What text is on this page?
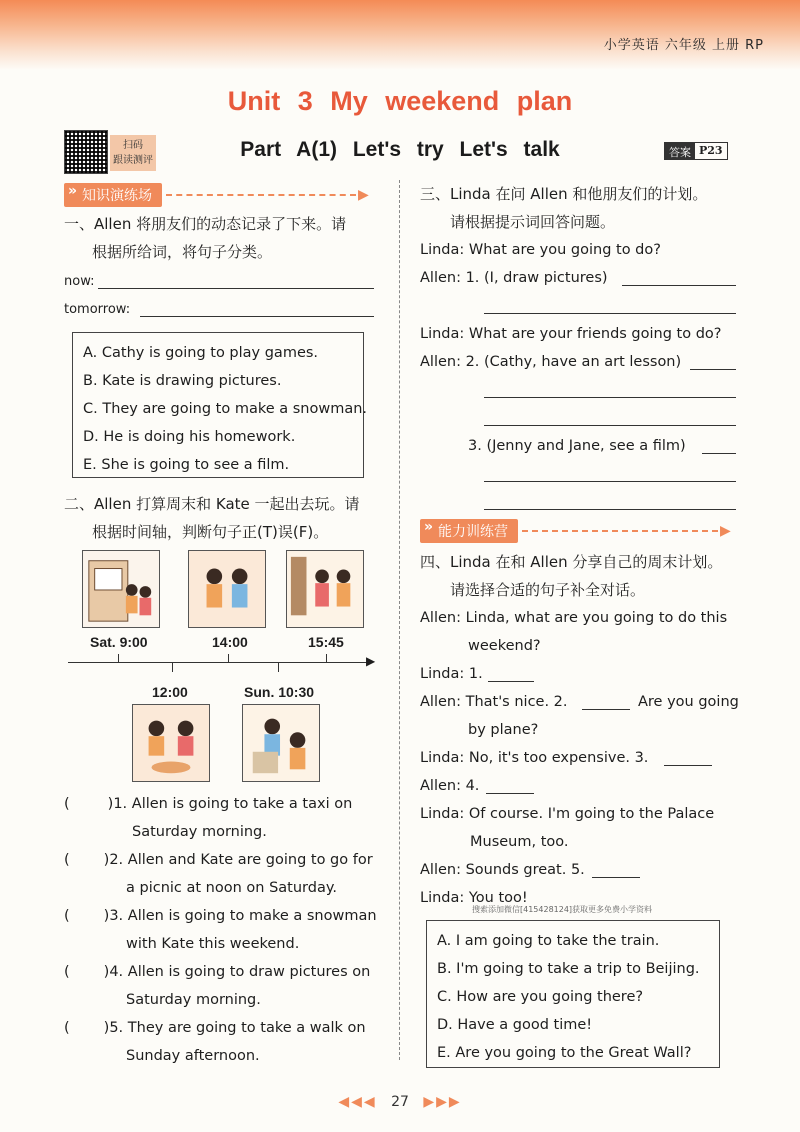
小学英语 六年级 上册 RP
Unit 3 My weekend plan
扫码
跟读测评	Part A(1) Let's try Let's talk	答案 P23
» 知识演练场	▶
一、Allen 将朋友们的动态记录了下来。请
根据所给词，将句子分类。
now:
tomorrow:
A. Cathy is going to play games.
B. Kate is drawing pictures.
C. They are going to make a snowman.
D. He is doing his homework.
E. She is going to see a film.
二、Allen 打算周末和 Kate 一起出去玩。请
根据时间轴，判断句子正(T)误(F)。
Sat. 9:00	14:00	15:45
▶
12:00	Sun. 10:30
(	)1. Allen is going to take a taxi on
Saturday morning.
( )2. Allen and Kate are going to go for
a picnic at noon on Saturday.
( )3. Allen is going to make a snowman
with Kate this weekend.
( )4. Allen is going to draw pictures on
Saturday morning.
( )5. They are going to take a walk on
Sunday afternoon.
三、Linda 在问 Allen 和他朋友们的计划。
请根据提示词回答问题。
Linda: What are you going to do?
Allen: 1. (I, draw pictures)
Linda: What are your friends going to do?
Allen: 2. (Cathy, have an art lesson)
3. (Jenny and Jane, see a film)
» 能力训练营	▶
四、Linda 在和 Allen 分享自己的周末计划。
请选择合适的句子补全对话。
Allen: Linda, what are you going to do this
weekend?
Linda: 1.
Allen: That's nice. 2.	Are you going
by plane?
Linda: No, it's too expensive. 3.
Allen: 4.
Linda: Of course. I'm going to the Palace
Museum, too.
Allen: Sounds great. 5.
Linda: You too!
搜索添加微信[415428124]获取更多免费小学资料
A. I am going to take the train.
B. I'm going to take a trip to Beijing.
C. How are you going there?
D. Have a good time!
E. Are you going to the Great Wall?
◀◀◀ 27 ▶▶▶
